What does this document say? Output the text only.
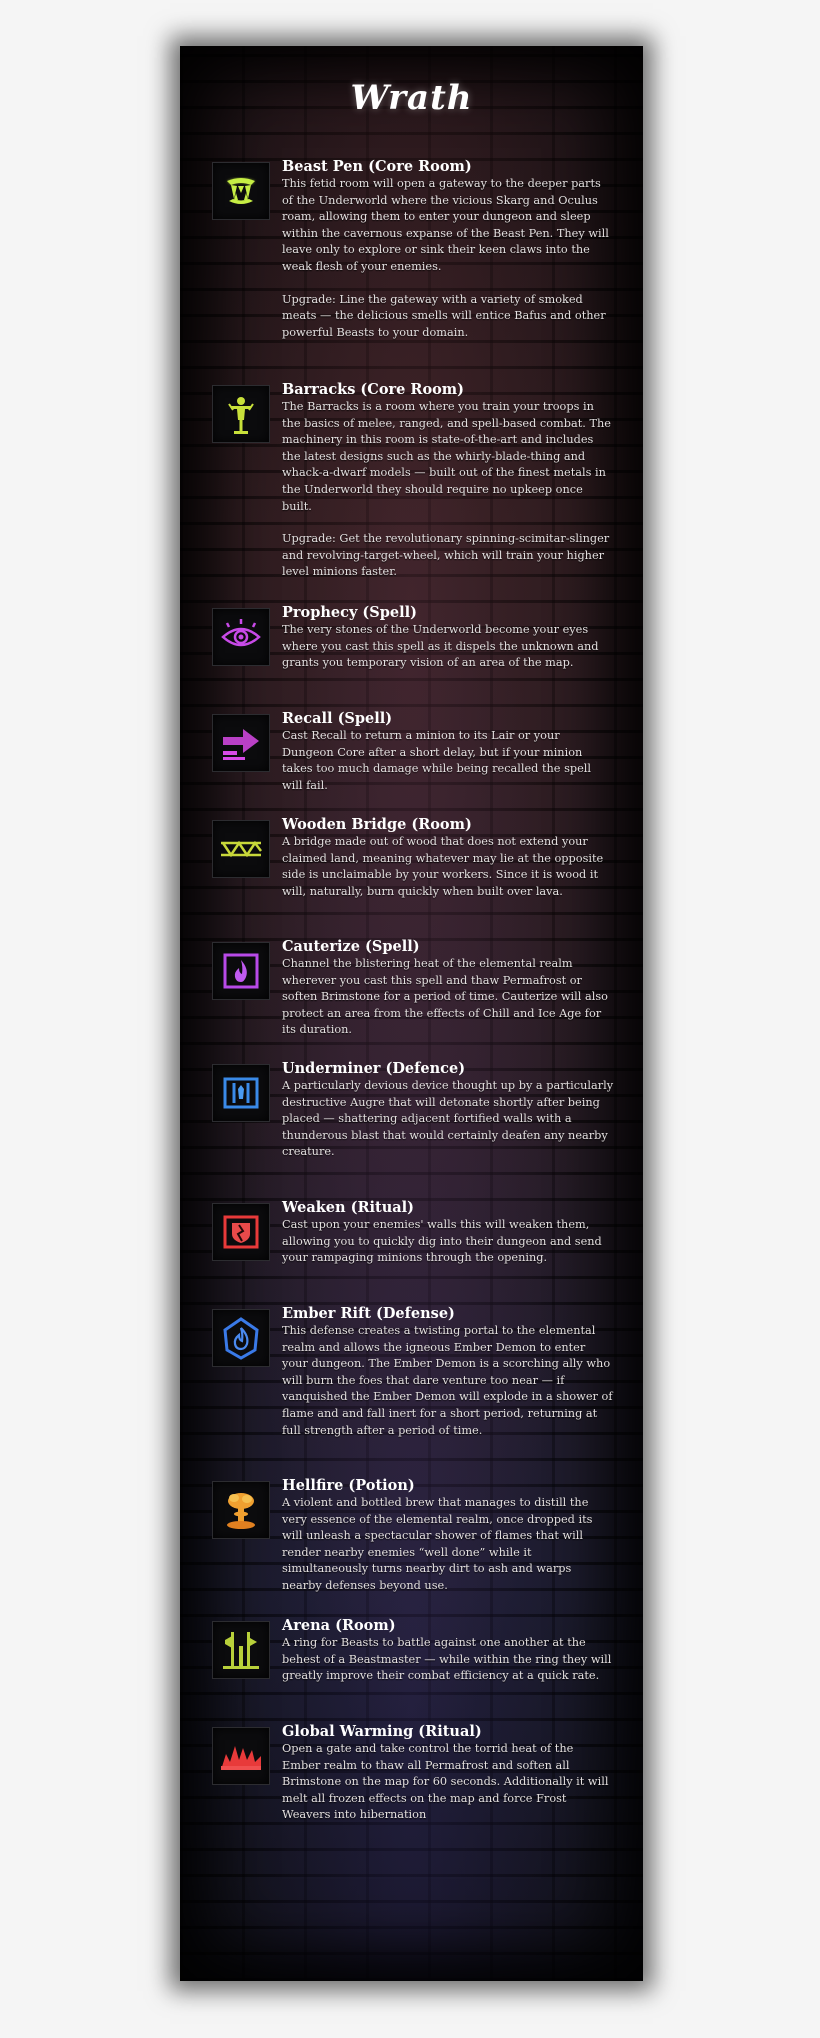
Wrath

Beast Pen (Core Room)

This fetid room will open a gateway to the deeper parts of the Underworld where the vicious Skarg and Oculus roam, allowing them to enter your dungeon and sleep within the cavernous expanse of the Beast Pen. They will leave only to explore or sink their keen claws into the weak flesh of your enemies.

Upgrade: Line the gateway with a variety of smoked meats — the delicious smells will entice Bafus and other powerful Beasts to your domain.

Barracks (Core Room)

The Barracks is a room where you train your troops in the basics of melee, ranged, and spell-based combat. The machinery in this room is state-of-the-art and includes the latest designs such as the whirly-blade-thing and whack-a-dwarf models — built out of the finest metals in the Underworld they should require no upkeep once built.

Upgrade: Get the revolutionary spinning-scimitar-slinger and revolving-target-wheel, which will train your higher level minions faster.

Prophecy (Spell)

The very stones of the Underworld become your eyes where you cast this spell as it dispels the unknown and grants you temporary vision of an area of the map.

Recall (Spell)

Cast Recall to return a minion to its Lair or your Dungeon Core after a short delay, but if your minion takes too much damage while being recalled the spell will fail.

Wooden Bridge (Room)

A bridge made out of wood that does not extend your claimed land, meaning whatever may lie at the opposite side is unclaimable by your workers. Since it is wood it will, naturally, burn quickly when built over lava.

Cauterize (Spell)

Channel the blistering heat of the elemental realm wherever you cast this spell and thaw Permafrost or soften Brimstone for a period of time. Cauterize will also protect an area from the effects of Chill and Ice Age for its duration.

Underminer (Defence)

A particularly devious device thought up by a particularly destructive Augre that will detonate shortly after being placed — shattering adjacent fortified walls with a thunderous blast that would certainly deafen any nearby creature.

Weaken (Ritual)

Cast upon your enemies' walls this will weaken them, allowing you to quickly dig into their dungeon and send your rampaging minions through the opening.

Ember Rift (Defense)

This defense creates a twisting portal to the elemental realm and allows the igneous Ember Demon to enter your dungeon. The Ember Demon is a scorching ally who will burn the foes that dare venture too near — if vanquished the Ember Demon will explode in a shower of flame and and fall inert for a short period, returning at full strength after a period of time.

Hellfire (Potion)

A violent and bottled brew that manages to distill the very essence of the elemental realm, once dropped its will unleash a spectacular shower of flames that will render nearby enemies “well done” while it simultaneously turns nearby dirt to ash and warps nearby defenses beyond use.

Arena (Room)

A ring for Beasts to battle against one another at the behest of a Beastmaster — while within the ring they will greatly improve their combat efficiency at a quick rate.

Global Warming (Ritual)

Open a gate and take control the torrid heat of the Ember realm to thaw all Permafrost and soften all Brimstone on the map for 60 seconds. Additionally it will melt all frozen effects on the map and force Frost Weavers into hibernation
